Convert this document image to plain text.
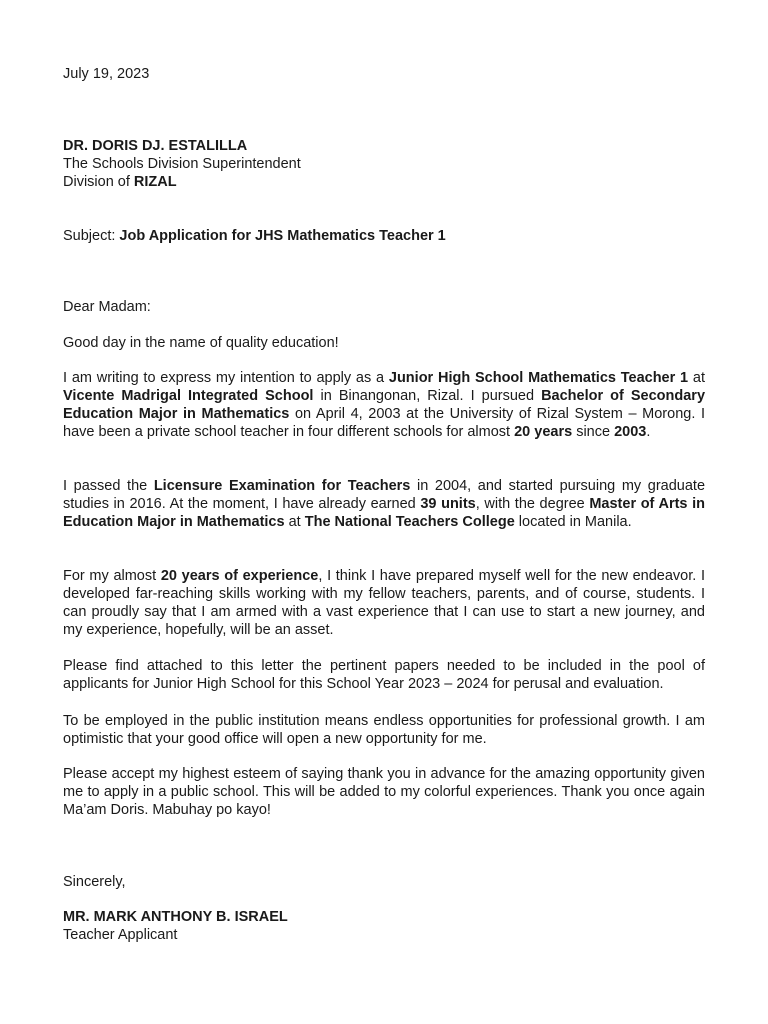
July 19, 2023

DR. DORIS DJ. ESTALILLA

The Schools Division Superintendent

Division of RIZAL

Subject: Job Application for JHS Mathematics Teacher 1

Dear Madam:

Good day in the name of quality education!

I am writing to express my intention to apply as a Junior High School Mathematics Teacher 1 at Vicente Madrigal Integrated School in Binangonan, Rizal. I pursued Bachelor of Secondary Education Major in Mathematics on April 4, 2003 at the University of Rizal System – Morong. I have been a private school teacher in four different schools for almost 20 years since 2003.

I passed the Licensure Examination for Teachers in 2004, and started pursuing my graduate studies in 2016. At the moment, I have already earned 39 units, with the degree Master of Arts in Education Major in Mathematics at The National Teachers College located in Manila.

For my almost 20 years of experience, I think I have prepared myself well for the new endeavor. I developed far-reaching skills working with my fellow teachers, parents, and of course, students. I can proudly say that I am armed with a vast experience that I can use to start a new journey, and my experience, hopefully, will be an asset.

Please find attached to this letter the pertinent papers needed to be included in the pool of applicants for Junior High School for this School Year 2023 – 2024 for perusal and evaluation.

To be employed in the public institution means endless opportunities for professional growth. I am optimistic that your good office will open a new opportunity for me.

Please accept my highest esteem of saying thank you in advance for the amazing opportunity given me to apply in a public school. This will be added to my colorful experiences. Thank you once again Ma’am Doris. Mabuhay po kayo!

Sincerely,

MR. MARK ANTHONY B. ISRAEL

Teacher Applicant
